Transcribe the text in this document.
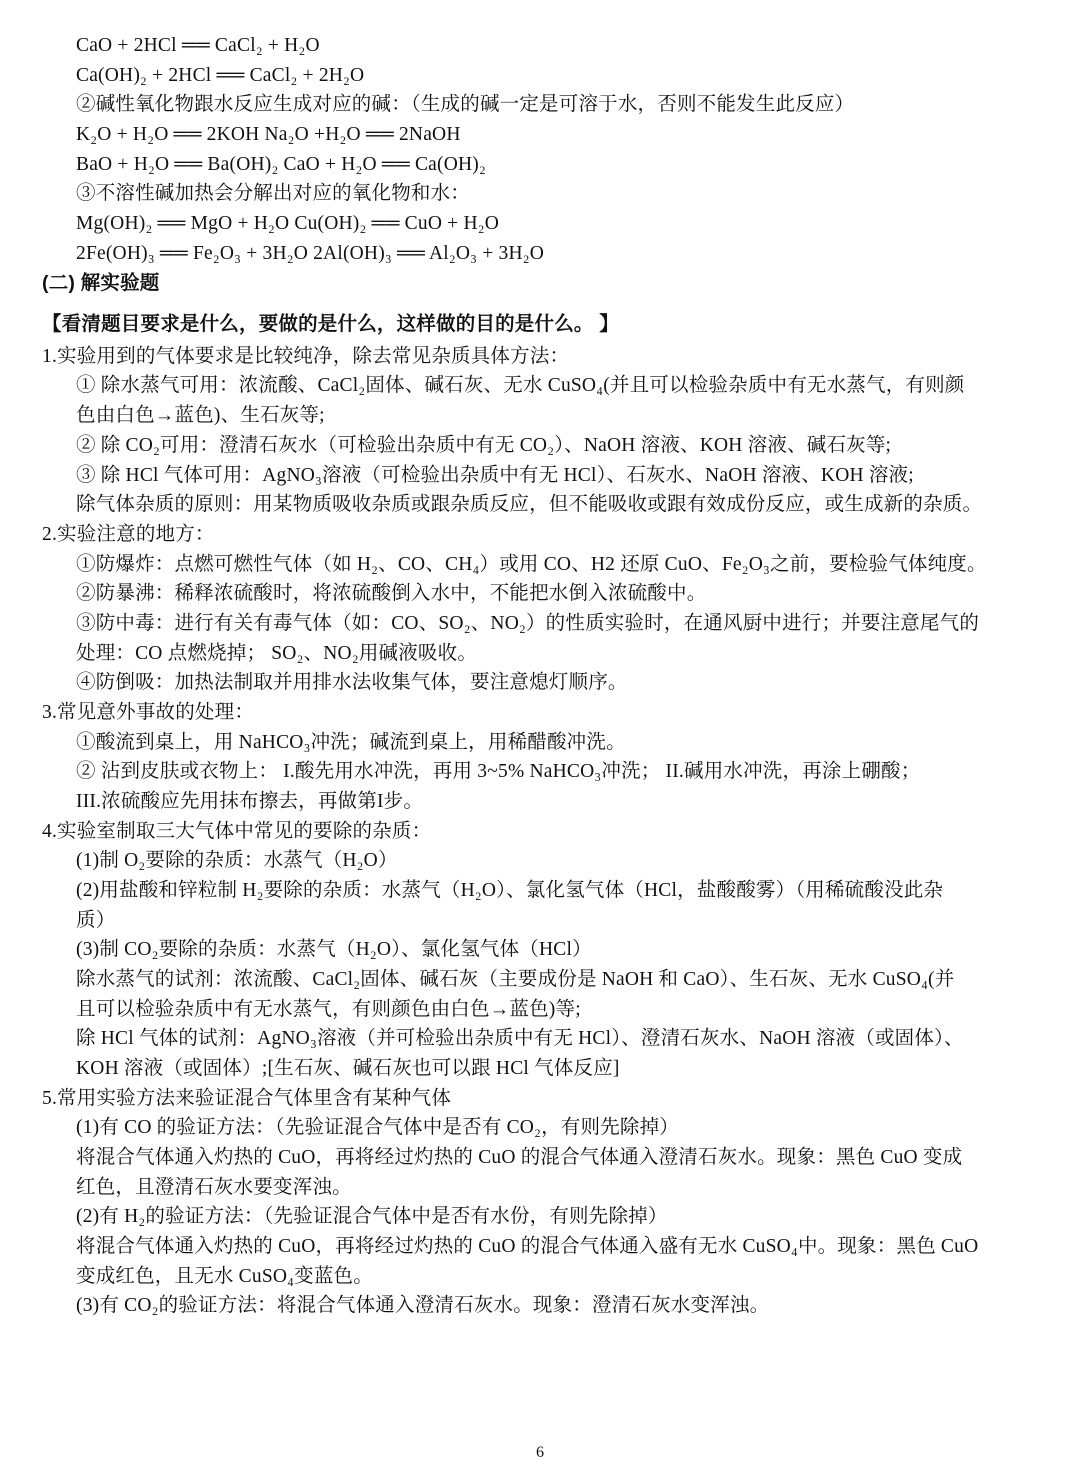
CaO + 2HCl ══ CaCl₂ + H₂O
Ca(OH)₂ + 2HCl ══ CaCl₂ + 2H₂O
②碱性氧化物跟水反应生成对应的碱：（生成的碱一定是可溶于水，否则不能发生此反应）
K₂O + H₂O ══ 2KOH Na₂O +H₂O ══ 2NaOH
BaO + H₂O ══ Ba(OH)₂ CaO + H₂O ══ Ca(OH)₂
③不溶性碱加热会分解出对应的氧化物和水：
Mg(OH)₂ ══ MgO + H₂O Cu(OH)₂ ══ CuO + H₂O
2Fe(OH)₃ ══ Fe₂O₃ + 3H₂O 2Al(OH)₃ ══ Al₂O₃ + 3H₂O
(二) 解实验题
【看清题目要求是什么，要做的是什么，这样做的目的是什么。 】
1.实验用到的气体要求是比较纯净，除去常见杂质具体方法：
① 除水蒸气可用：浓流酸、CaCl₂固体、碱石灰、无水 CuSO₄(并且可以检验杂质中有无水蒸气，有则颜
色由白色→蓝色)、生石灰等;
② 除 CO₂可用：澄清石灰水（可检验出杂质中有无 CO₂）、NaOH 溶液、KOH 溶液、碱石灰等;
③ 除 HCl 气体可用：AgNO₃溶液（可检验出杂质中有无 HCl）、石灰水、NaOH 溶液、KOH 溶液;
除气体杂质的原则：用某物质吸收杂质或跟杂质反应，但不能吸收或跟有效成份反应，或生成新的杂质。
2.实验注意的地方：
①防爆炸：点燃可燃性气体（如 H₂、CO、CH₄）或用 CO、H2 还原 CuO、Fe₂O₃之前，要检验气体纯度。
②防暴沸：稀释浓硫酸时，将浓硫酸倒入水中，不能把水倒入浓硫酸中。
③防中毒：进行有关有毒气体（如：CO、SO₂、NO₂）的性质实验时，在通风厨中进行；并要注意尾气的
处理：CO 点燃烧掉； SO₂、NO₂用碱液吸收。
④防倒吸：加热法制取并用排水法收集气体，要注意熄灯顺序。
3.常见意外事故的处理：
①酸流到桌上，用 NaHCO₃冲洗；碱流到桌上，用稀醋酸冲洗。
② 沾到皮肤或衣物上： I.酸先用水冲洗，再用 3~5% NaHCO₃冲洗； II.碱用水冲洗，再涂上硼酸；
III.浓硫酸应先用抹布擦去，再做第I步。
4.实验室制取三大气体中常见的要除的杂质：
(1)制 O₂要除的杂质：水蒸气（H₂O）
(2)用盐酸和锌粒制 H₂要除的杂质：水蒸气（H₂O）、氯化氢气体（HCl，盐酸酸雾）（用稀硫酸没此杂
质）
(3)制 CO₂要除的杂质：水蒸气（H₂O）、氯化氢气体（HCl）
除水蒸气的试剂：浓流酸、CaCl₂固体、碱石灰（主要成份是 NaOH 和 CaO）、生石灰、无水 CuSO₄(并
且可以检验杂质中有无水蒸气，有则颜色由白色→蓝色)等;
除 HCl 气体的试剂：AgNO₃溶液（并可检验出杂质中有无 HCl）、澄清石灰水、NaOH 溶液（或固体）、
KOH 溶液（或固体）;[生石灰、碱石灰也可以跟 HCl 气体反应]
5.常用实验方法来验证混合气体里含有某种气体
(1)有 CO 的验证方法：（先验证混合气体中是否有 CO₂，有则先除掉）
将混合气体通入灼热的 CuO，再将经过灼热的 CuO 的混合气体通入澄清石灰水。现象：黑色 CuO 变成
红色，且澄清石灰水要变浑浊。
(2)有 H₂的验证方法：（先验证混合气体中是否有水份，有则先除掉）
将混合气体通入灼热的 CuO，再将经过灼热的 CuO 的混合气体通入盛有无水 CuSO₄中。现象：黑色 CuO
变成红色，且无水 CuSO₄变蓝色。
(3)有 CO₂的验证方法：将混合气体通入澄清石灰水。现象：澄清石灰水变浑浊。
6
